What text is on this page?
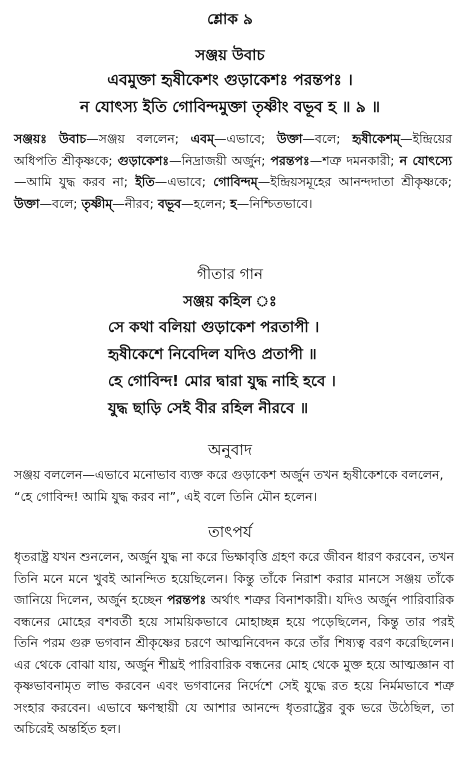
শ্লোক ৯
সঞ্জয় উবাচ
এবমুক্তা হৃষীকেশং গুড়াকেশঃ পরন্তপঃ ।
ন যোৎস্য ইতি গোবিন্দমুক্তা তৃষ্ণীং বভূব হ ॥ ৯ ॥
সঞ্জয়ঃ উবাচ—সঞ্জয় বললেন; এবম্—এভাবে; উক্তা—বলে; হৃষীকেশম্—ইন্দ্রিয়ের অধিপতি শ্রীকৃষ্ণকে; গুড়াকেশঃ—নিদ্রাজয়ী অর্জুন; পরন্তপঃ—শত্রু দমনকারী; ন যোৎস্যে—আমি যুদ্ধ করব না; ইতি—এভাবে; গোবিন্দম্—ইন্দ্রিয়সমূহের আনন্দদাতা শ্রীকৃষ্ণকে; উক্তা—বলে; তৃষ্ণীম্—নীরব; বভূব—হলেন; হ—নিশ্চিতভাবে।
গীতার গান
সঞ্জয় কহিল ঃ
সে কথা বলিয়া গুড়াকেশ পরতাপী ।
হৃষীকেশে নিবেদিল যদিও প্রতাপী ॥
হে গোবিন্দ! মোর দ্বারা যুদ্ধ নাহি হবে ।
যুদ্ধ ছাড়ি সেই বীর রহিল নীরবে ॥
অনুবাদ
সঞ্জয় বললেন—এভাবে মনোভাব ব্যক্ত করে গুড়াকেশ অর্জুন তখন হৃষীকেশকে বললেন, “হে গোবিন্দ! আমি যুদ্ধ করব না”, এই বলে তিনি মৌন হলেন।
তাৎপর্য
ধৃতরাষ্ট্র যখন শুনলেন, অর্জুন যুদ্ধ না করে ভিক্ষাবৃত্তি গ্রহণ করে জীবন ধারণ করবেন, তখন তিনি মনে মনে খুবই আনন্দিত হয়েছিলেন। কিন্তু তাঁকে নিরাশ করার মানসে সঞ্জয় তাঁকে জানিয়ে দিলেন, অর্জুন হচ্ছেন পরন্তপঃ অর্থাৎ শত্রুর বিনাশকারী। যদিও অর্জুন পারিবারিক বন্ধনের মোহের বশবর্তী হয়ে সাময়িকভাবে মোহাচ্ছন্ন হয়ে পড়েছিলেন, কিন্তু তার পরই তিনি পরম গুরু ভগবান শ্রীকৃষ্ণের চরণে আত্মনিবেদন করে তাঁর শিষ্যত্ব বরণ করেছিলেন। এর থেকে বোঝা যায়, অর্জুন শীঘ্রই পারিবারিক বন্ধনের মোহ থেকে মুক্ত হয়ে আত্মজ্ঞান বা কৃষ্ণভাবনামৃত লাভ করবেন এবং ভগবানের নির্দেশে সেই যুদ্ধে রত হয়ে নির্মমভাবে শত্রু সংহার করবেন। এভাবে ক্ষণস্থায়ী যে আশার আনন্দে ধৃতরাষ্ট্রের বুক ভরে উঠেছিল, তা অচিরেই অন্তর্হিত হল।
